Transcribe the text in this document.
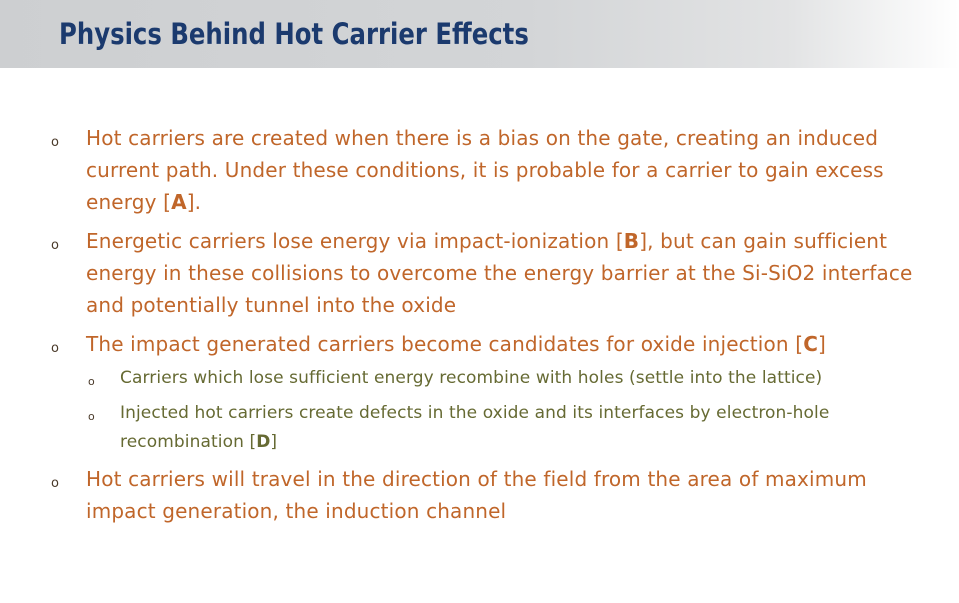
Physics Behind Hot Carrier Effects
o Hot carriers are created when there is a bias on the gate, creating an induced current path. Under these conditions, it is probable for a carrier to gain excess energy [A].
o Energetic carriers lose energy via impact-ionization [B], but can gain sufficient energy in these collisions to overcome the energy barrier at the Si-SiO2 interface and potentially tunnel into the oxide
o The impact generated carriers become candidates for oxide injection [C]
o Carriers which lose sufficient energy recombine with holes (settle into the lattice)
o Injected hot carriers create defects in the oxide and its interfaces by electron-hole recombination [D]
o Hot carriers will travel in the direction of the field from the area of maximum impact generation, the induction channel
